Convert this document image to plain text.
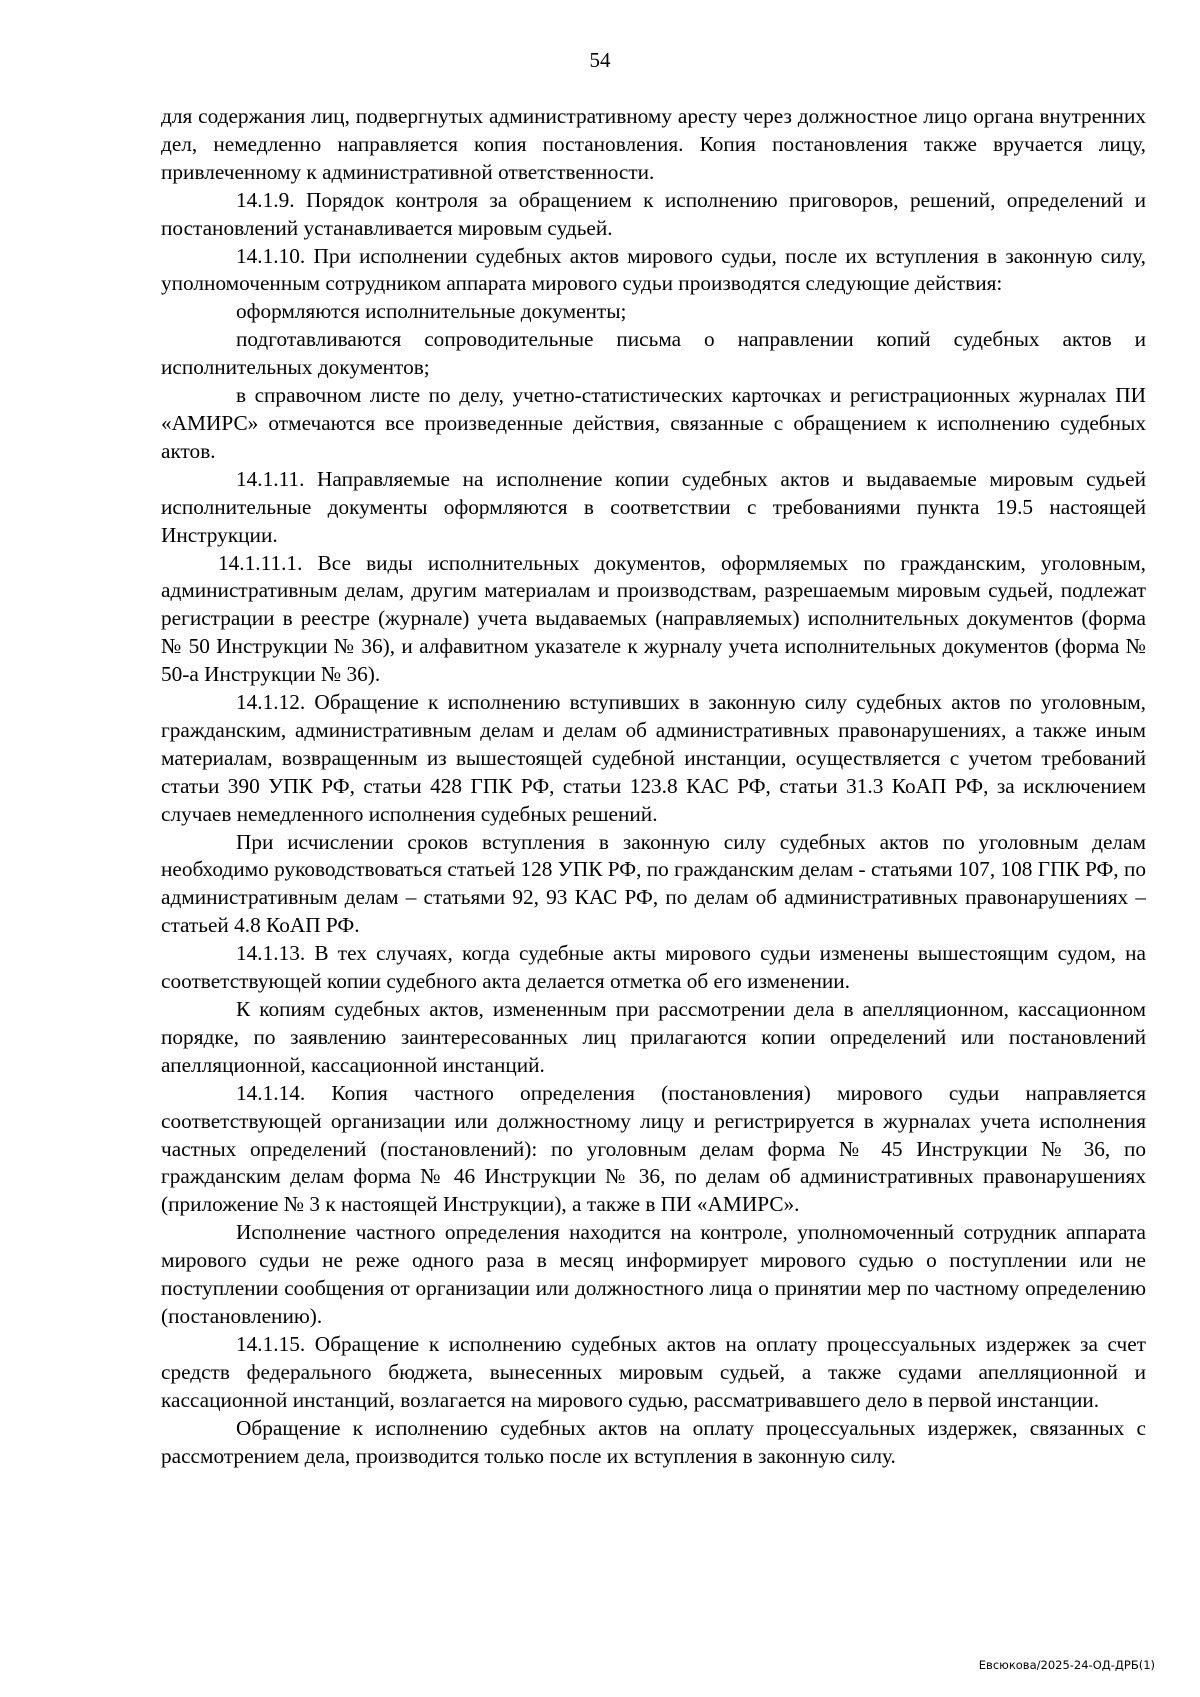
54

для содержания лиц, подвергнутых административному аресту через должностное лицо органа внутренних дел, немедленно направляется копия постановления. Копия постановления также вручается лицу, привлеченному к административной ответственности.

14.1.9. Порядок контроля за обращением к исполнению приговоров, решений, определений и постановлений устанавливается мировым судьей.

14.1.10. При исполнении судебных актов мирового судьи, после их вступления в законную силу, уполномоченным сотрудником аппарата мирового судьи производятся следующие действия:

оформляются исполнительные документы;

подготавливаются сопроводительные письма о направлении копий судебных актов и исполнительных документов;

в справочном листе по делу, учетно-статистических карточках и регистрационных журналах ПИ «АМИРС» отмечаются все произведенные действия, связанные с обращением к исполнению судебных актов.

14.1.11. Направляемые на исполнение копии судебных актов и выдаваемые мировым судьей исполнительные документы оформляются в соответствии с требованиями пункта 19.5 настоящей Инструкции.

14.1.11.1. Все виды исполнительных документов, оформляемых по гражданским, уголовным, административным делам, другим материалам и производствам, разрешаемым мировым судьей, подлежат регистрации в реестре (журнале) учета выдаваемых (направляемых) исполнительных документов (форма № 50 Инструкции № 36), и алфавитном указателе к журналу учета исполнительных документов (форма № 50-а Инструкции № 36).

14.1.12. Обращение к исполнению вступивших в законную силу судебных актов по уголовным, гражданским, административным делам и делам об административных правонарушениях, а также иным материалам, возвращенным из вышестоящей судебной инстанции, осуществляется с учетом требований статьи 390 УПК РФ, статьи 428 ГПК РФ, статьи 123.8 КАС РФ, статьи 31.3 КоАП РФ, за исключением случаев немедленного исполнения судебных решений.

При исчислении сроков вступления в законную силу судебных актов по уголовным делам необходимо руководствоваться статьей 128 УПК РФ, по гражданским делам - статьями 107, 108 ГПК РФ, по административным делам – статьями 92, 93 КАС РФ, по делам об административных правонарушениях – статьей 4.8 КоАП РФ.

14.1.13. В тех случаях, когда судебные акты мирового судьи изменены вышестоящим судом, на соответствующей копии судебного акта делается отметка об его изменении.

К копиям судебных актов, измененным при рассмотрении дела в апелляционном, кассационном порядке, по заявлению заинтересованных лиц прилагаются копии определений или постановлений апелляционной, кассационной инстанций.

14.1.14. Копия частного определения (постановления) мирового судьи направляется соответствующей организации или должностному лицу и регистрируется в журналах учета исполнения частных определений (постановлений): по уголовным делам форма № 45 Инструкции № 36, по гражданским делам форма № 46 Инструкции № 36, по делам об административных правонарушениях (приложение № 3 к настоящей Инструкции), а также в ПИ «АМИРС».

Исполнение частного определения находится на контроле, уполномоченный сотрудник аппарата мирового судьи не реже одного раза в месяц информирует мирового судью о поступлении или не поступлении сообщения от организации или должностного лица о принятии мер по частному определению (постановлению).

14.1.15. Обращение к исполнению судебных актов на оплату процессуальных издержек за счет средств федерального бюджета, вынесенных мировым судьей, а также судами апелляционной и кассационной инстанций, возлагается на мирового судью, рассматривавшего дело в первой инстанции.

Обращение к исполнению судебных актов на оплату процессуальных издержек, связанных с рассмотрением дела, производится только после их вступления в законную силу.

Евсюкова/2025-24-ОД-ДРБ(1)
